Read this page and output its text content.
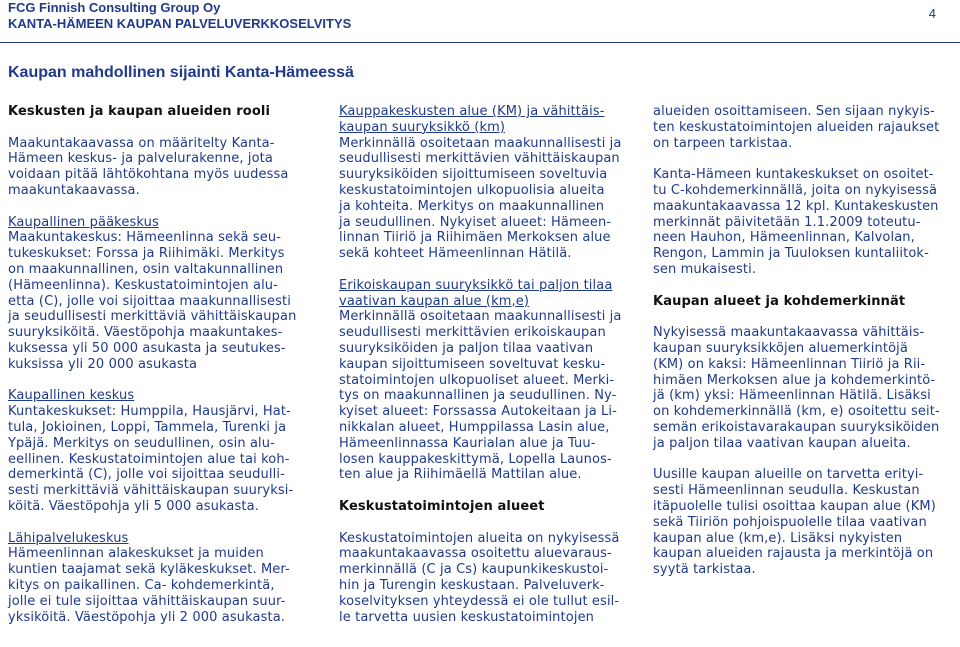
FCG Finnish Consulting Group Oy
KANTA-HÄMEEN KAUPAN PALVELUVERKKOSELVITYS
4
Kaupan mahdollinen sijainti Kanta-Hämeessä
Keskusten ja kaupan alueiden rooli
Maakuntakaavassa on määritelty Kanta-
Hämeen keskus- ja palvelurakenne, jota
voidaan pitää lähtökohtana myös uudessa
maakuntakaavassa.
Kaupallinen pääkeskus
Maakuntakeskus: Hämeenlinna sekä seu-
tukeskukset: Forssa ja Riihimäki. Merkitys
on maakunnallinen, osin valtakunnallinen
(Hämeenlinna). Keskustatoimintojen alu-
etta (C), jolle voi sijoittaa maakunnallisesti
ja seudullisesti merkittäviä vähittäiskaupan
suuryksiköitä. Väestöpohja maakuntakes-
kuksessa yli 50 000 asukasta ja seutukes-
kuksissa yli 20 000 asukasta
Kaupallinen keskus
Kuntakeskukset: Humppila, Hausjärvi, Hat-
tula, Jokioinen, Loppi, Tammela, Turenki ja
Ypäjä. Merkitys on seudullinen, osin alu-
eellinen. Keskustatoimintojen alue tai koh-
demerkintä (C), jolle voi sijoittaa seudulli-
sesti merkittäviä vähittäiskaupan suuryksi-
köitä. Väestöpohja yli 5 000 asukasta.
Lähipalvelukeskus
Hämeenlinnan alakeskukset ja muiden
kuntien taajamat sekä kyläkeskukset. Mer-
kitys on paikallinen. Ca- kohdemerkintä,
jolle ei tule sijoittaa vähittäiskaupan suur-
yksiköitä. Väestöpohja yli 2 000 asukasta.
Kauppakeskusten alue (KM) ja vähittäis-
kaupan suuryksikkö (km)
Merkinnällä osoitetaan maakunnallisesti ja
seudullisesti merkittävien vähittäiskaupan
suuryksiköiden sijoittumiseen soveltuvia
keskustatoimintojen ulkopuolisia alueita
ja kohteita. Merkitys on maakunnallinen
ja seudullinen. Nykyiset alueet: Hämeen-
linnan Tiiriö ja Riihimäen Merkoksen alue
sekä kohteet Hämeenlinnan Hätilä.
Erikoiskaupan suuryksikkö tai paljon tilaa
vaativan kaupan alue (km,e)
Merkinnällä osoitetaan maakunnallisesti ja
seudullisesti merkittävien erikoiskaupan
suuryksiköiden ja paljon tilaa vaativan
kaupan sijoittumiseen soveltuvat kesku-
statoimintojen ulkopuoliset alueet. Merki-
tys on maakunnallinen ja seudullinen. Ny-
kyiset alueet: Forssassa Autokeitaan ja Li-
nikkalan alueet, Humppilassa Lasin alue,
Hämeenlinnassa Kaurialan alue ja Tuu-
losen kauppakeskittymä, Lopella Launos-
ten alue ja Riihimäellä Mattilan alue.
Keskustatoimintojen alueet
Keskustatoimintojen alueita on nykyisessä
maakuntakaavassa osoitettu aluevaraus-
merkinnällä (C ja Cs) kaupunkikeskustoi-
hin ja Turengin keskustaan. Palveluverk-
koselvityksen yhteydessä ei ole tullut esil-
le tarvetta uusien keskustatoimintojen
alueiden osoittamiseen. Sen sijaan nykyis-
ten keskustatoimintojen alueiden rajaukset
on tarpeen tarkistaa.
Kanta-Hämeen kuntakeskukset on osoitet-
tu C-kohdemerkinnällä, joita on nykyisessä
maakuntakaavassa 12 kpl. Kuntakeskusten
merkinnät päivitetään 1.1.2009 toteutu-
neen Hauhon, Hämeenlinnan, Kalvolan,
Rengon, Lammin ja Tuuloksen kuntaliitok-
sen mukaisesti.
Kaupan alueet ja kohdemerkinnät
Nykyisessä maakuntakaavassa vähittäis-
kaupan suuryksikköjen aluemerkintöjä
(KM) on kaksi: Hämeenlinnan Tiiriö ja Rii-
himäen Merkoksen alue ja kohdemerkintö-
jä (km) yksi: Hämeenlinnan Hätilä. Lisäksi
on kohdemerkinnällä (km, e) osoitettu seit-
semän erikoistavarakaupan suuryksiköiden
ja paljon tilaa vaativan kaupan alueita.
Uusille kaupan alueille on tarvetta erityi-
sesti Hämeenlinnan seudulla. Keskustan
itäpuolelle tulisi osoittaa kaupan alue (KM)
sekä Tiiriön pohjoispuolelle tilaa vaativan
kaupan alue (km,e). Lisäksi nykyisten
kaupan alueiden rajausta ja merkintöjä on
syytä tarkistaa.
